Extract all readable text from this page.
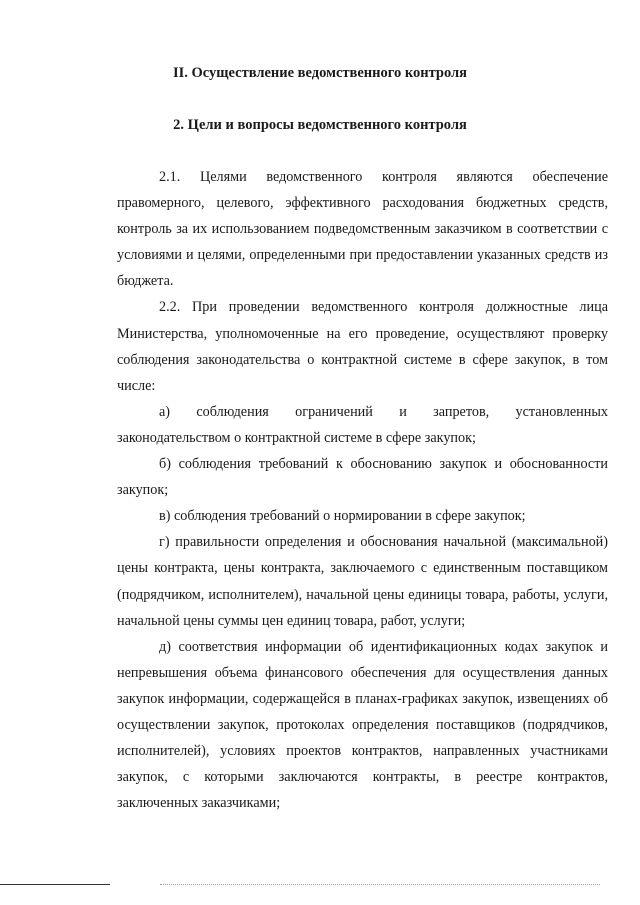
II. Осуществление ведомственного контроля
2. Цели и вопросы ведомственного контроля

2.1. Целями ведомственного контроля являются обеспечение правомерного, целевого, эффективного расходования бюджетных средств, контроль за их использованием подведомственным заказчиком в соответствии с условиями и целями, определенными при предоставлении указанных средств из бюджета.

2.2. При проведении ведомственного контроля должностные лица Министерства, уполномоченные на его проведение, осуществляют проверку соблюдения законодательства о контрактной системе в сфере закупок, в том числе:

а) соблюдения ограничений и запретов, установленных законодательством о контрактной системе в сфере закупок;

б) соблюдения требований к обоснованию закупок и обоснованности закупок;

в) соблюдения требований о нормировании в сфере закупок;

г) правильности определения и обоснования начальной (максимальной) цены контракта, цены контракта, заключаемого с единственным поставщиком (подрядчиком, исполнителем), начальной цены единицы товара, работы, услуги, начальной цены суммы цен единиц товара, работ, услуги;

д) соответствия информации об идентификационных кодах закупок и непревышения объема финансового обеспечения для осуществления данных закупок информации, содержащейся в планах-графиках закупок, извещениях об осуществлении закупок, протоколах определения поставщиков (подрядчиков, исполнителей), условиях проектов контрактов, направленных участниками закупок, с которыми заключаются контракты, в реестре контрактов, заключенных заказчиками;
